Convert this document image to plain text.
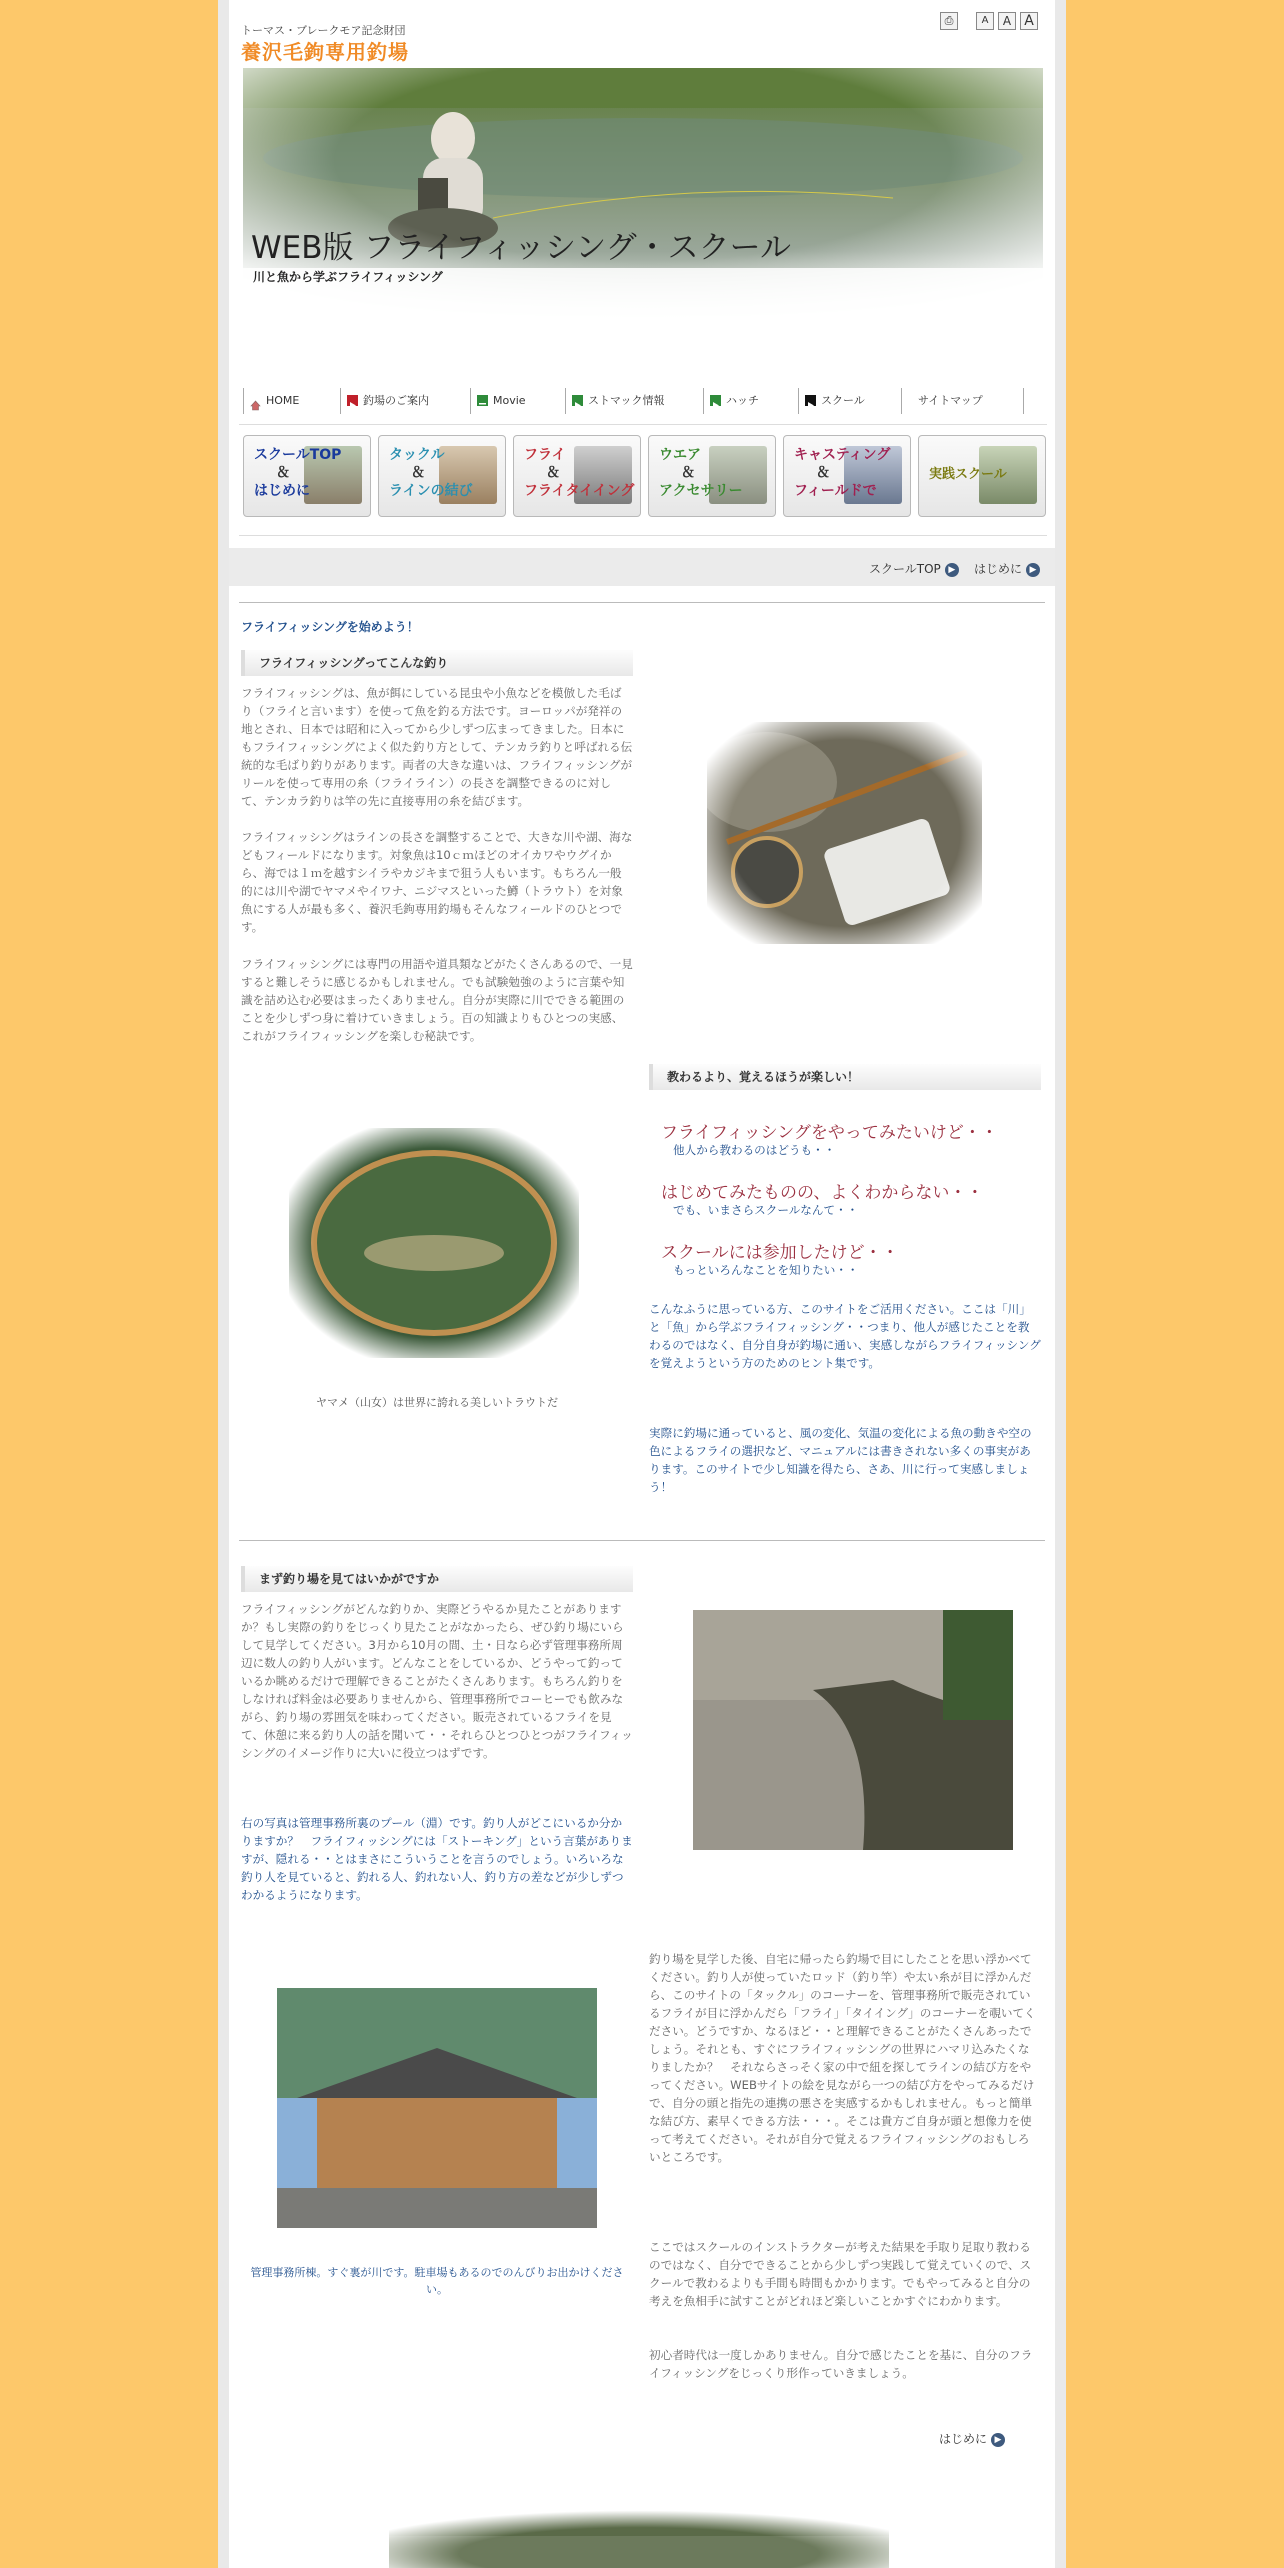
トーマス・ブレークモア記念財団
養沢毛鉤専用釣場
⎙	A	A A
WEB版 フライフィッシング・スクール
川と魚から学ぶフライフィッシング
HOME	釣場のご案内	Movie	ストマック情報	ハッチ	スクール	サイトマップ
スクールTOP
＆
はじめに
タックル
＆
ラインの結び
フライ
＆
フライタイイング
ウエア
＆
アクセサリー
キャスティング
＆
フィールドで
実践スクール
スクールTOP ▶ はじめに ▶
フライフィッシングを始めよう！
フライフィッシングってこんな釣り
フライフィッシングは、魚が餌にしている昆虫や小魚などを模倣した毛ばり（フライと言います）を使って魚を釣る方法です。ヨーロッパが発祥の地とされ、日本では昭和に入ってから少しずつ広まってきました。日本にもフライフィッシングによく似た釣り方として、テンカラ釣りと呼ばれる伝統的な毛ばり釣りがあります。両者の大きな違いは、フライフィッシングがリールを使って専用の糸（フライライン）の長さを調整できるのに対して、テンカラ釣りは竿の先に直接専用の糸を結びます。
フライフィッシングはラインの長さを調整することで、大きな川や湖、海などもフィールドになります。対象魚は10ｃｍほどのオイカワやウグイから、海では１ｍを越すシイラやカジキまで狙う人もいます。もちろん一般的には川や湖でヤマメやイワナ、ニジマスといった鱒（トラウト）を対象魚にする人が最も多く、養沢毛鉤専用釣場もそんなフィールドのひとつです。
フライフィッシングには専門の用語や道具類などがたくさんあるので、一見すると難しそうに感じるかもしれません。でも試験勉強のように言葉や知識を詰め込む必要はまったくありません。自分が実際に川でできる範囲のことを少しずつ身に着けていきましょう。百の知識よりもひとつの実感、これがフライフィッシングを楽しむ秘訣です。
教わるより、覚えるほうが楽しい！
ヤマメ（山女）は世界に誇れる美しいトラウトだ
フライフィッシングをやってみたいけど・・
他人から教わるのはどうも・・
はじめてみたものの、よくわからない・・
でも、いまさらスクールなんて・・
スクールには参加したけど・・
もっといろんなことを知りたい・・
こんなふうに思っている方、このサイトをご活用ください。ここは「川」と「魚」から学ぶフライフィッシング・・つまり、他人が感じたことを教わるのではなく、自分自身が釣場に通い、実感しながらフライフィッシングを覚えようという方のためのヒント集です。
実際に釣場に通っていると、風の変化、気温の変化による魚の動きや空の色によるフライの選択など、マニュアルには書きされない多くの事実があります。このサイトで少し知識を得たら、さあ、川に行って実感しましょう！
まず釣り場を見てはいかがですか
フライフィッシングがどんな釣りか、実際どうやるか見たことがありますか？もし実際の釣りをじっくり見たことがなかったら、ぜひ釣り場にいらして見学してください。3月から10月の間、土・日なら必ず管理事務所周辺に数人の釣り人がいます。どんなことをしているか、どうやって釣っているか眺めるだけで理解できることがたくさんあります。もちろん釣りをしなければ料金は必要ありませんから、管理事務所でコーヒーでも飲みながら、釣り場の雰囲気を味わってください。販売されているフライを見て、休憩に来る釣り人の話を聞いて・・それらひとつひとつがフライフィッシングのイメージ作りに大いに役立つはずです。
右の写真は管理事務所裏のプール（淵）です。釣り人がどこにいるか分かりますか？　フライフィッシングには「ストーキング」という言葉がありますが、隠れる・・とはまさにこういうことを言うのでしょう。いろいろな釣り人を見ていると、釣れる人、釣れない人、釣り方の差などが少しずつわかるようになります。
管理事務所棟。すぐ裏が川です。駐車場もあるのでのんびりお出かけください。
釣り場を見学した後、自宅に帰ったら釣場で目にしたことを思い浮かべてください。釣り人が使っていたロッド（釣り竿）や太い糸が目に浮かんだら、このサイトの「タックル」のコーナーを、管理事務所で販売されているフライが目に浮かんだら「フライ」「タイイング」のコーナーを覗いてください。どうですか、なるほど・・と理解できることがたくさんあったでしょう。それとも、すぐにフライフィッシングの世界にハマリ込みたくなりましたか？　それならさっそく家の中で紐を探してラインの結び方をやってください。WEBサイトの絵を見ながら一つの結び方をやってみるだけで、自分の頭と指先の連携の悪さを実感するかもしれません。もっと簡単な結び方、素早くできる方法・・・。そこは貴方ご自身が頭と想像力を使って考えてください。それが自分で覚えるフライフィッシングのおもしろいところです。
ここではスクールのインストラクターが考えた結果を手取り足取り教わるのではなく、自分でできることから少しずつ実践して覚えていくので、スクールで教わるよりも手間も時間もかかります。でもやってみると自分の考えを魚相手に試すことがどれほど楽しいことかすぐにわかります。
初心者時代は一度しかありません。自分で感じたことを基に、自分のフライフィッシングをじっくり形作っていきましょう。
はじめに ▶
